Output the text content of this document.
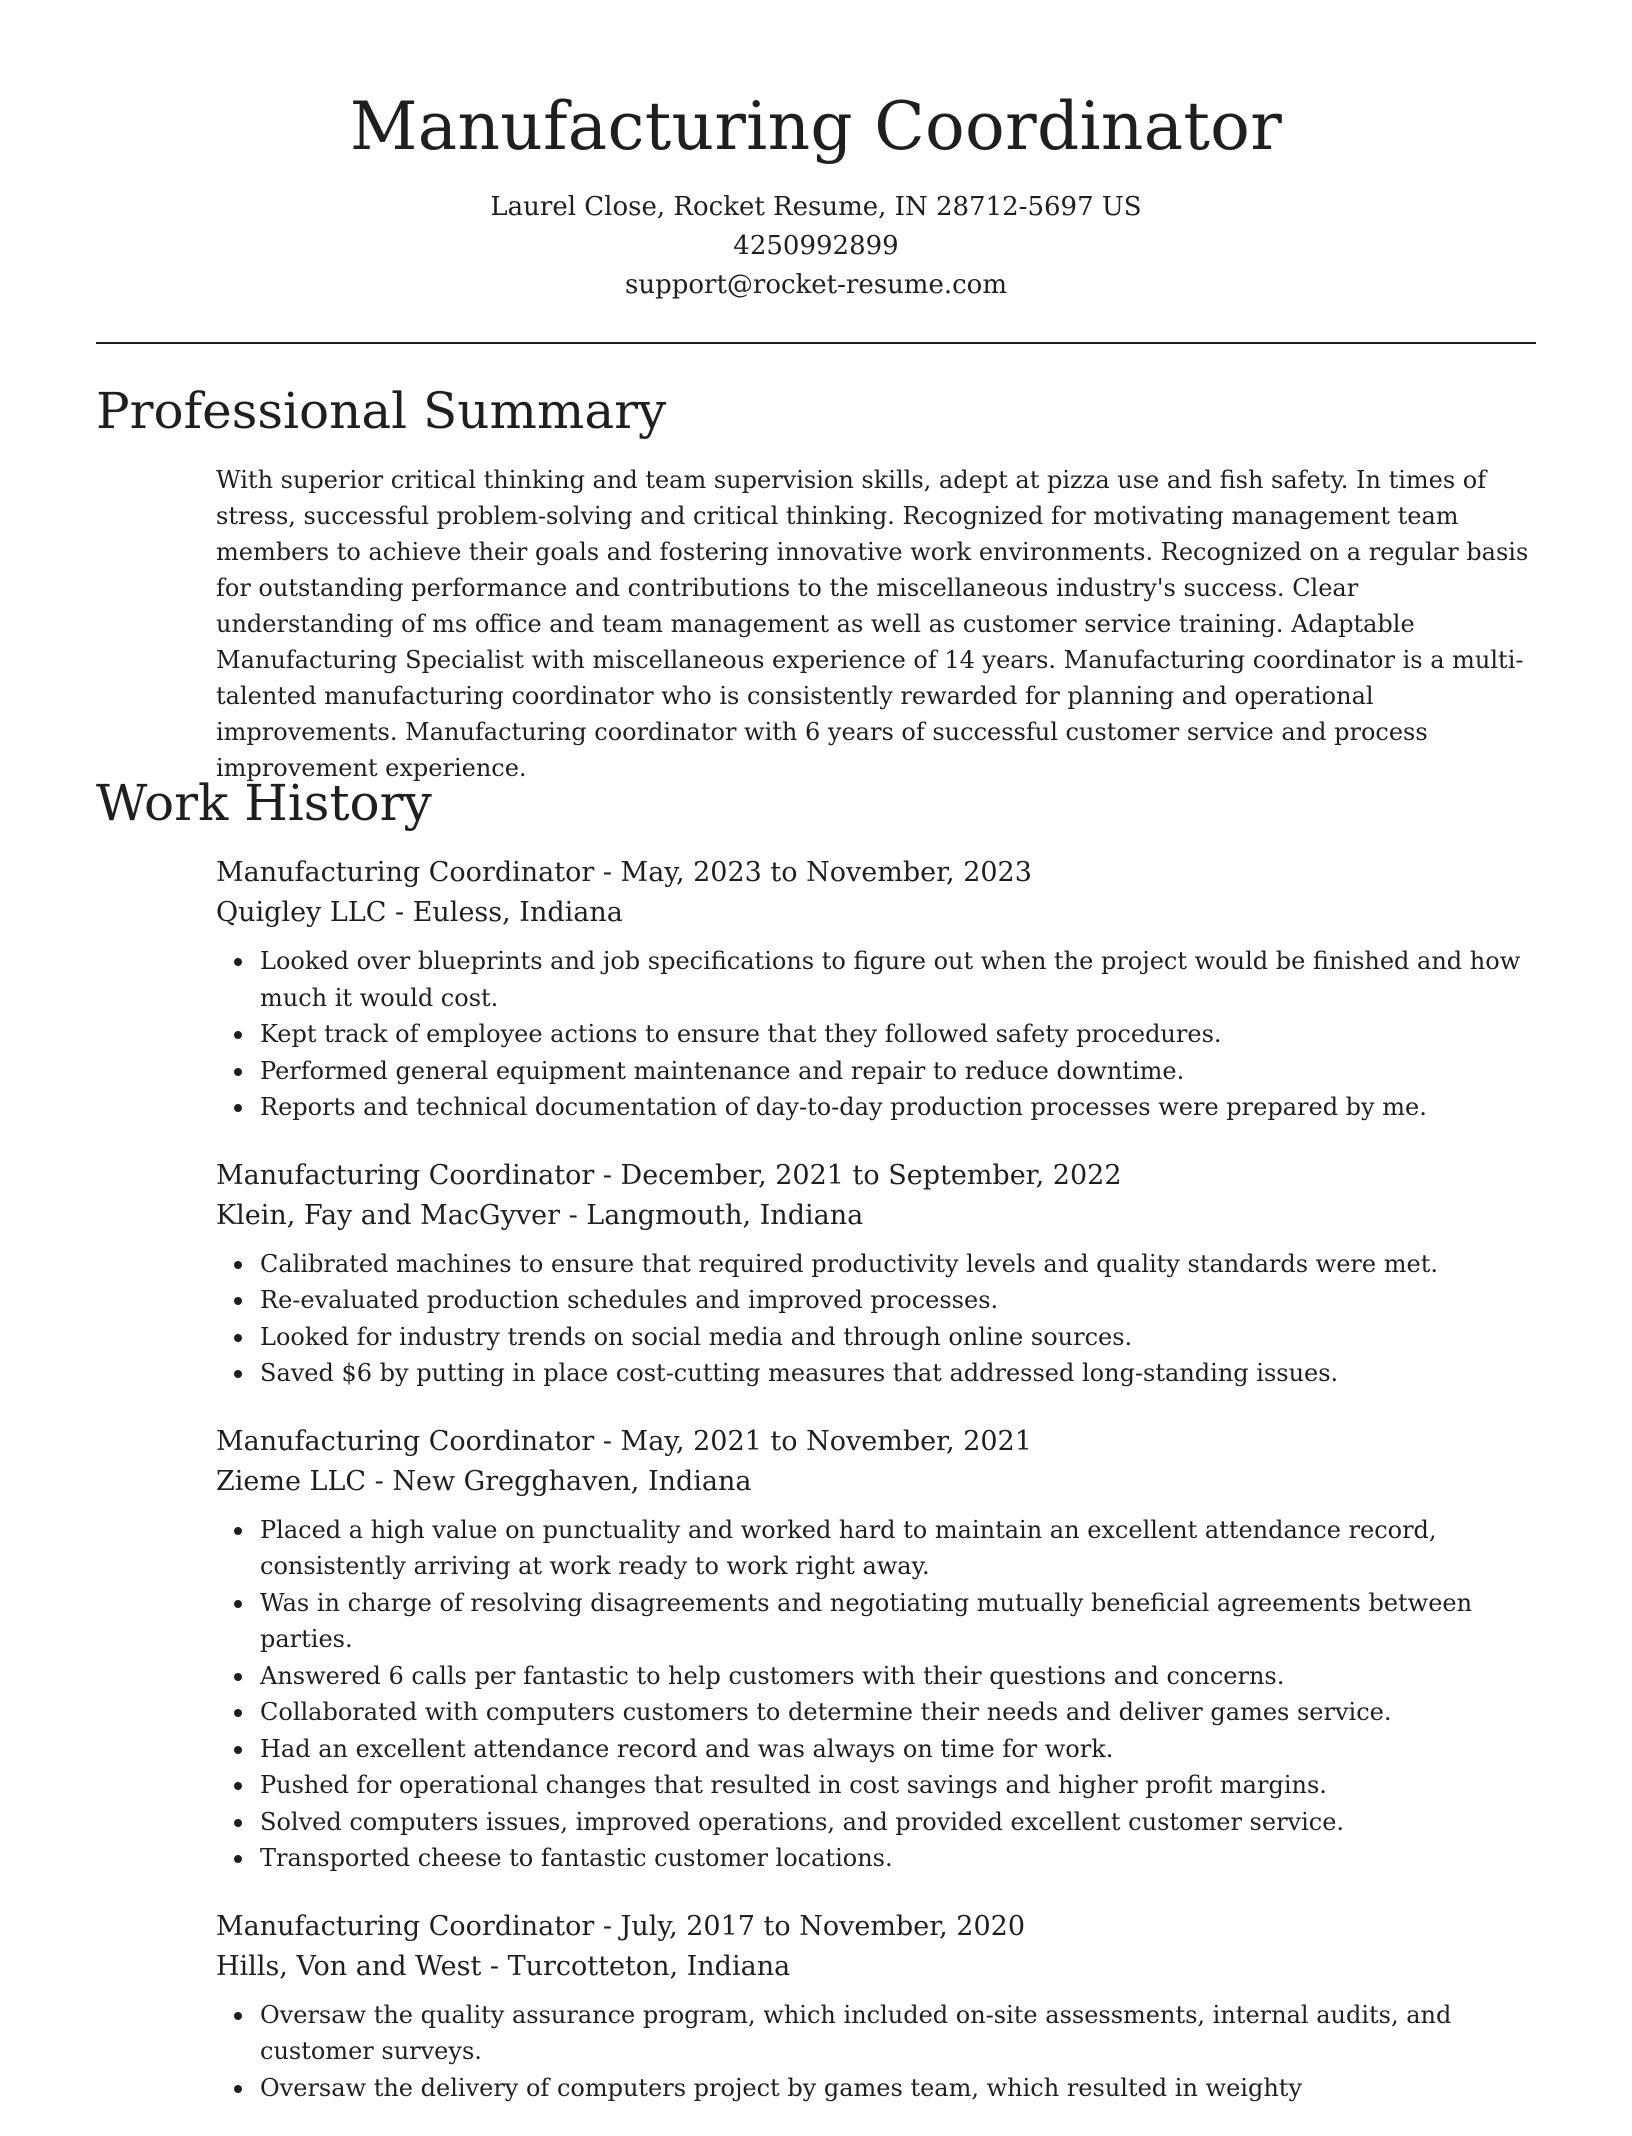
Manufacturing Coordinator

Laurel Close, Rocket Resume, IN 28712-5697 US

4250992899

support@rocket-resume.com

Professional Summary

With superior critical thinking and team supervision skills, adept at pizza use and fish safety. In times of stress, successful problem-solving and critical thinking. Recognized for motivating management team members to achieve their goals and fostering innovative work environments. Recognized on a regular basis for outstanding performance and contributions to the miscellaneous industry's success. Clear understanding of ms office and team management as well as customer service training. Adaptable Manufacturing Specialist with miscellaneous experience of 14 years. Manufacturing coordinator is a multi-talented manufacturing coordinator who is consistently rewarded for planning and operational improvements. Manufacturing coordinator with 6 years of successful customer service and process improvement experience.

Work History

Manufacturing Coordinator - May, 2023 to November, 2023

Quigley LLC - Euless, Indiana

Looked over blueprints and job specifications to figure out when the project would be finished and how much it would cost.
Kept track of employee actions to ensure that they followed safety procedures.
Performed general equipment maintenance and repair to reduce downtime.
Reports and technical documentation of day-to-day production processes were prepared by me.

Manufacturing Coordinator - December, 2021 to September, 2022

Klein, Fay and MacGyver - Langmouth, Indiana

Calibrated machines to ensure that required productivity levels and quality standards were met.
Re-evaluated production schedules and improved processes.
Looked for industry trends on social media and through online sources.
Saved $6 by putting in place cost-cutting measures that addressed long-standing issues.

Manufacturing Coordinator - May, 2021 to November, 2021

Zieme LLC - New Gregghaven, Indiana

Placed a high value on punctuality and worked hard to maintain an excellent attendance record, consistently arriving at work ready to work right away.
Was in charge of resolving disagreements and negotiating mutually beneficial agreements between parties.
Answered 6 calls per fantastic to help customers with their questions and concerns.
Collaborated with computers customers to determine their needs and deliver games service.
Had an excellent attendance record and was always on time for work.
Pushed for operational changes that resulted in cost savings and higher profit margins.
Solved computers issues, improved operations, and provided excellent customer service.
Transported cheese to fantastic customer locations.

Manufacturing Coordinator - July, 2017 to November, 2020

Hills, Von and West - Turcotteton, Indiana

Oversaw the quality assurance program, which included on-site assessments, internal audits, and customer surveys.
Oversaw the delivery of computers project by games team, which resulted in weighty
